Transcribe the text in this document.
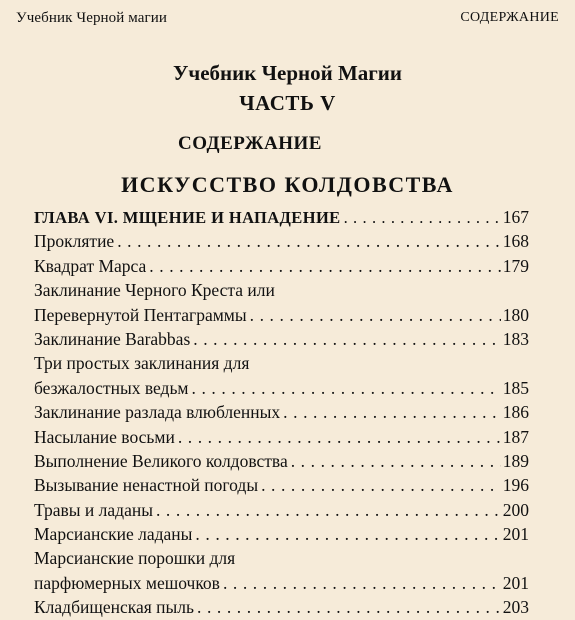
Учебник Черной магии	СОДЕРЖАНИЕ
Учебник Черной Магии
ЧАСТЬ V
СОДЕРЖАНИЕ
ИСКУССТВО КОЛДОВСТВА
ГЛАВА VI. МЩЕНИЕ И НАПАДЕНИЕ . . .	167
Проклятие . . .	168
Квадрат Марса . . .	179
Заклинание Черного Креста или
Перевернутой Пентаграммы . . .	180
Заклинание Barabbas . . .	183
Три простых заклинания для
безжалостных ведьм . . .	185
Заклинание разлада влюбленных . . .	186
Насылание восьми . . .	187
Выполнение Великого колдовства . . .	189
Вызывание ненастной погоды . . .	196
Травы и ладаны . . .	200
Марсианские ладаны . . .	201
Марсианские порошки для
парфюмерных мешочков . . .	201
Кладбищенская пыль . . .	203
